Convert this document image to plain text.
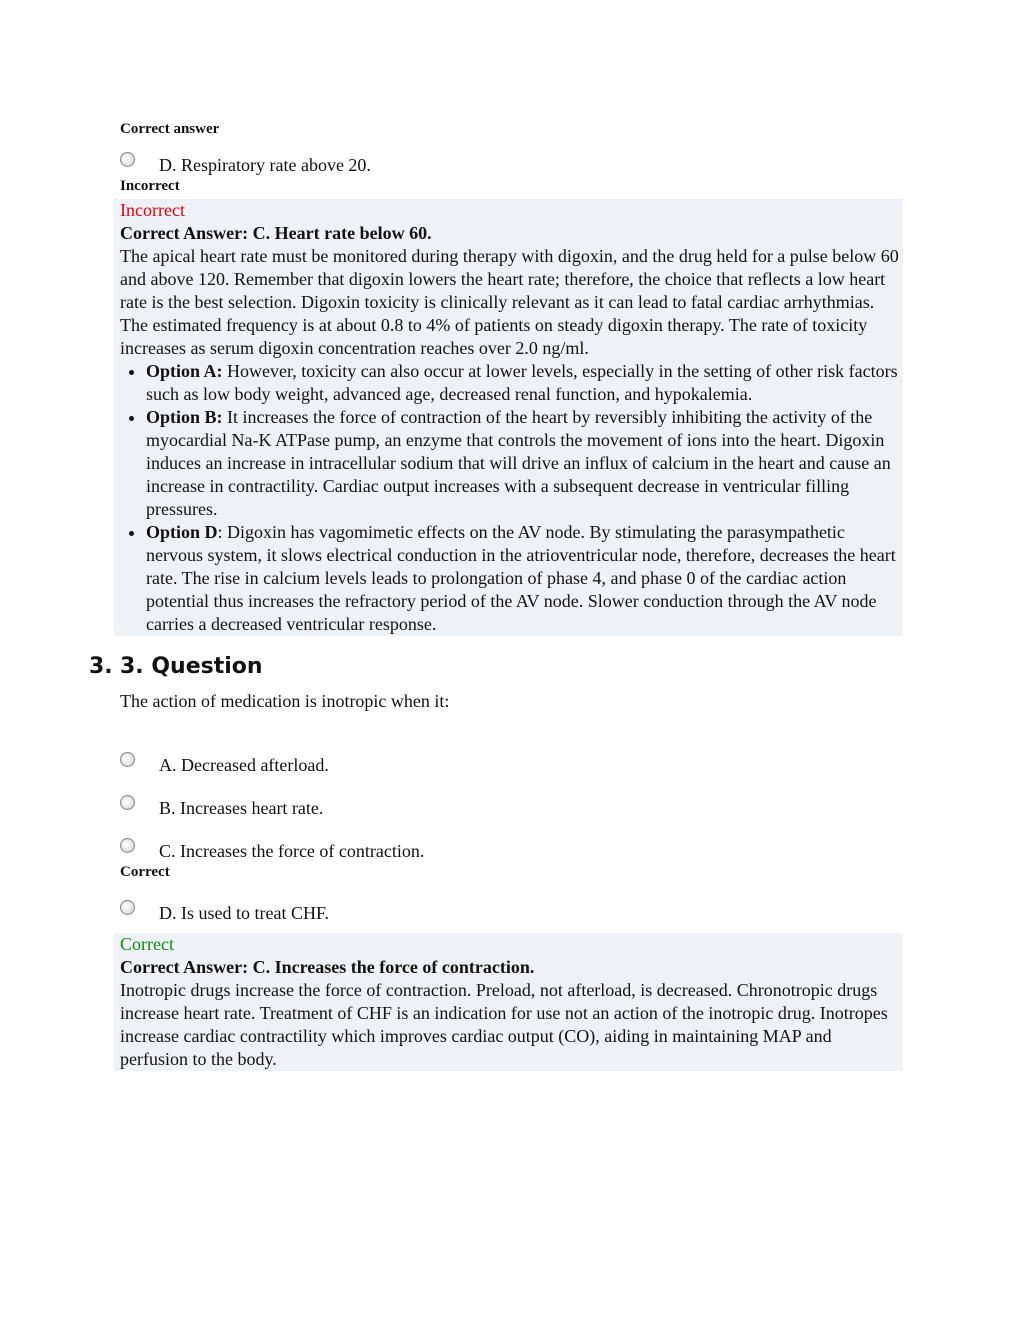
Correct answer
D. Respiratory rate above 20.
Incorrect
Incorrect
Correct Answer: C. Heart rate below 60.
The apical heart rate must be monitored during therapy with digoxin, and the drug held for a pulse below 60 and above 120. Remember that digoxin lowers the heart rate; therefore, the choice that reflects a low heart rate is the best selection. Digoxin toxicity is clinically relevant as it can lead to fatal cardiac arrhythmias. The estimated frequency is at about 0.8 to 4% of patients on steady digoxin therapy. The rate of toxicity increases as serum digoxin concentration reaches over 2.0 ng/ml.
• Option A: However, toxicity can also occur at lower levels, especially in the setting of other risk factors such as low body weight, advanced age, decreased renal function, and hypokalemia.
• Option B: It increases the force of contraction of the heart by reversibly inhibiting the activity of the myocardial Na-K ATPase pump, an enzyme that controls the movement of ions into the heart. Digoxin induces an increase in intracellular sodium that will drive an influx of calcium in the heart and cause an increase in contractility. Cardiac output increases with a subsequent decrease in ventricular filling pressures.
• Option D: Digoxin has vagomimetic effects on the AV node. By stimulating the parasympathetic nervous system, it slows electrical conduction in the atrioventricular node, therefore, decreases the heart rate. The rise in calcium levels leads to prolongation of phase 4, and phase 0 of the cardiac action potential thus increases the refractory period of the AV node. Slower conduction through the AV node carries a decreased ventricular response.
3. 3. Question
The action of medication is inotropic when it:
A. Decreased afterload.
B. Increases heart rate.
C. Increases the force of contraction.
Correct
D. Is used to treat CHF.
Correct
Correct Answer: C. Increases the force of contraction.
Inotropic drugs increase the force of contraction. Preload, not afterload, is decreased. Chronotropic drugs increase heart rate. Treatment of CHF is an indication for use not an action of the inotropic drug. Inotropes increase cardiac contractility which improves cardiac output (CO), aiding in maintaining MAP and perfusion to the body.
